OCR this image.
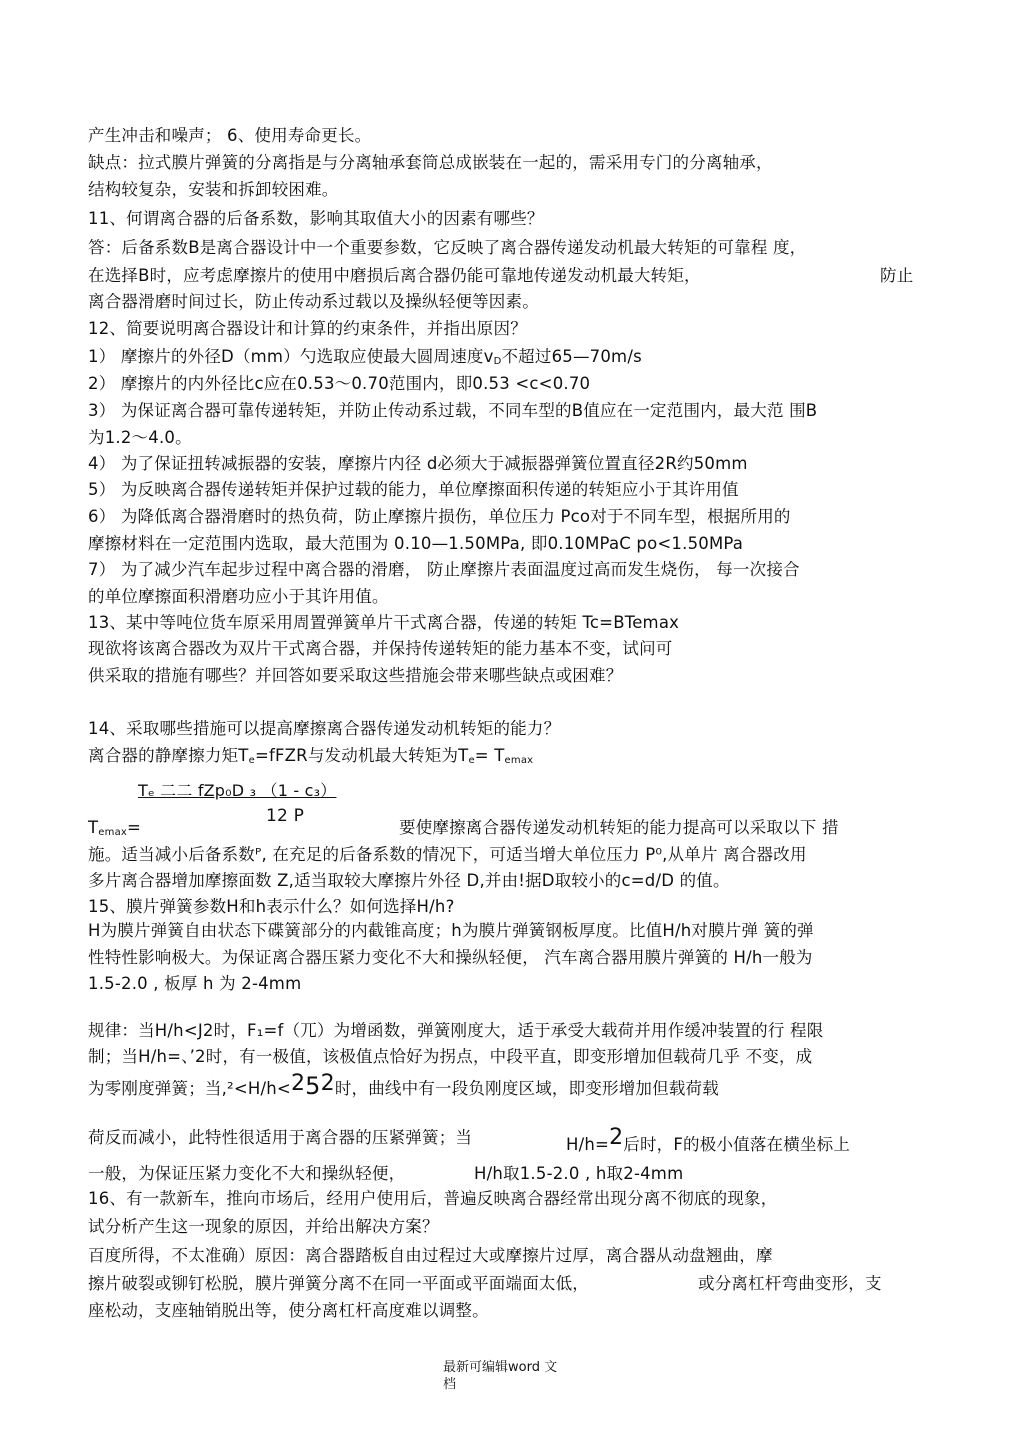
产生冲击和噪声； 6、使用寿命更长。
缺点：拉式膜片弹簧的分离指是与分离轴承套筒总成嵌装在一起的，需采用专门的分离轴承，
结构较复杂，安装和拆卸较困难。
11、何谓离合器的后备系数，影响其取值大小的因素有哪些？
答：后备系数B是离合器设计中一个重要参数，它反映了离合器传递发动机最大转矩的可靠程 度，
在选择B时，应考虑摩擦片的使用中磨损后离合器仍能可靠地传递发动机最大转矩，	防止
离合器滑磨时间过长，防止传动系过载以及操纵轻便等因素。
12、简要说明离合器设计和计算的约束条件，并指出原因？
1） 摩擦片的外径D（mm）勺选取应使最大圆周速度$v_D$不超过65—70m/s
2） 摩擦片的内外径比c应在0.53〜0.70范围内，即0.53 <c<0.70
3） 为保证离合器可靠传递转矩，并防止传动系过载，不同车型的B值应在一定范围内，最大范 围B
为1.2〜4.0。
4） 为了保证扭转减振器的安装，摩擦片内径 d必须大于减振器弹簧位置直径2R约50mm
5） 为反映离合器传递转矩并保护过载的能力，单位摩擦面积传递的转矩应小于其许用值
6） 为降低离合器滑磨时的热负荷，防止摩擦片损伤，单位压力 Pco对于不同车型，根据所用的
摩擦材料在一定范围内选取，最大范围为 0.10—1.50MPa, 即0.10MPaC po<1.50MPa
7） 为了减少汽车起步过程中离合器的滑磨， 防止摩擦片表面温度过高而发生烧伤， 每一次接合
的单位摩擦面积滑磨功应小于其许用值。
13、某中等吨位货车原采用周置弹簧单片干式离合器，传递的转矩 Tc=BTemax
现欲将该离合器改为双片干式离合器，并保持传递转矩的能力基本不变，试问可
供采取的措施有哪些？并回答如要采取这些措施会带来哪些缺点或困难？
14、采取哪些措施可以提高摩擦离合器传递发动机转矩的能力？
离合器的静摩擦力矩$T_e=fFZR$与发动机最大转矩为$T_e= T_{emax}$
Tₑ 二二 fZp₀D ₃ （1 - c₃）
12 P
$T_{emax}=$	要使摩擦离合器传递发动机转矩的能力提高可以采取以下 措
施。适当减小后备系数ᴾ, 在充足的后备系数的情况下，可适当增大单位压力 P⁰,从单片 离合器改用
多片离合器增加摩擦面数 Z,适当取较大摩擦片外径 D,并由!据D取较小的c=d/D 的值。
15、膜片弹簧参数H和h表示什么？如何选择H/h?
H为膜片弹簧自由状态下碟簧部分的内截锥高度；h为膜片弹簧钢板厚度。比值H/h对膜片弹 簧的弹
性特性影响极大。为保证离合器压紧力变化不大和操纵轻便， 汽车离合器用膜片弹簧的 H/h一般为
1.5-2.0 , 板厚 h 为 2-4mm
规律：当H/h<J2时，F₁=f（兀）为增函数，弹簧刚度大，适于承受大载荷并用作缓冲装置的行 程限
制；当H/h=、’2时，有一极值，该极值点恰好为拐点，中段平直，即变形增加但载荷几乎 不变，成
为零刚度弹簧；当,²<H/h<252时，曲线中有一段负刚度区域，即变形增加但载荷载
荷反而减小，此特性很适用于离合器的压紧弹簧；当	H/h=2后时，F的极小值落在横坐标上
一般，为保证压紧力变化不大和操纵轻便，	H/h取1.5-2.0 , h取2-4mm
16、有一款新车，推向市场后，经用户使用后，普遍反映离合器经常出现分离不彻底的现象，
试分析产生这一现象的原因，并给出解决方案？
百度所得，不太准确）原因：离合器踏板自由过程过大或摩擦片过厚，离合器从动盘翘曲，摩
擦片破裂或铆钉松脱，膜片弹簧分离不在同一平面或平面端面太低，	或分离杠杆弯曲变形，支
座松动，支座轴销脱出等，使分离杠杆高度难以调整。
最新可编辑word 文
档
